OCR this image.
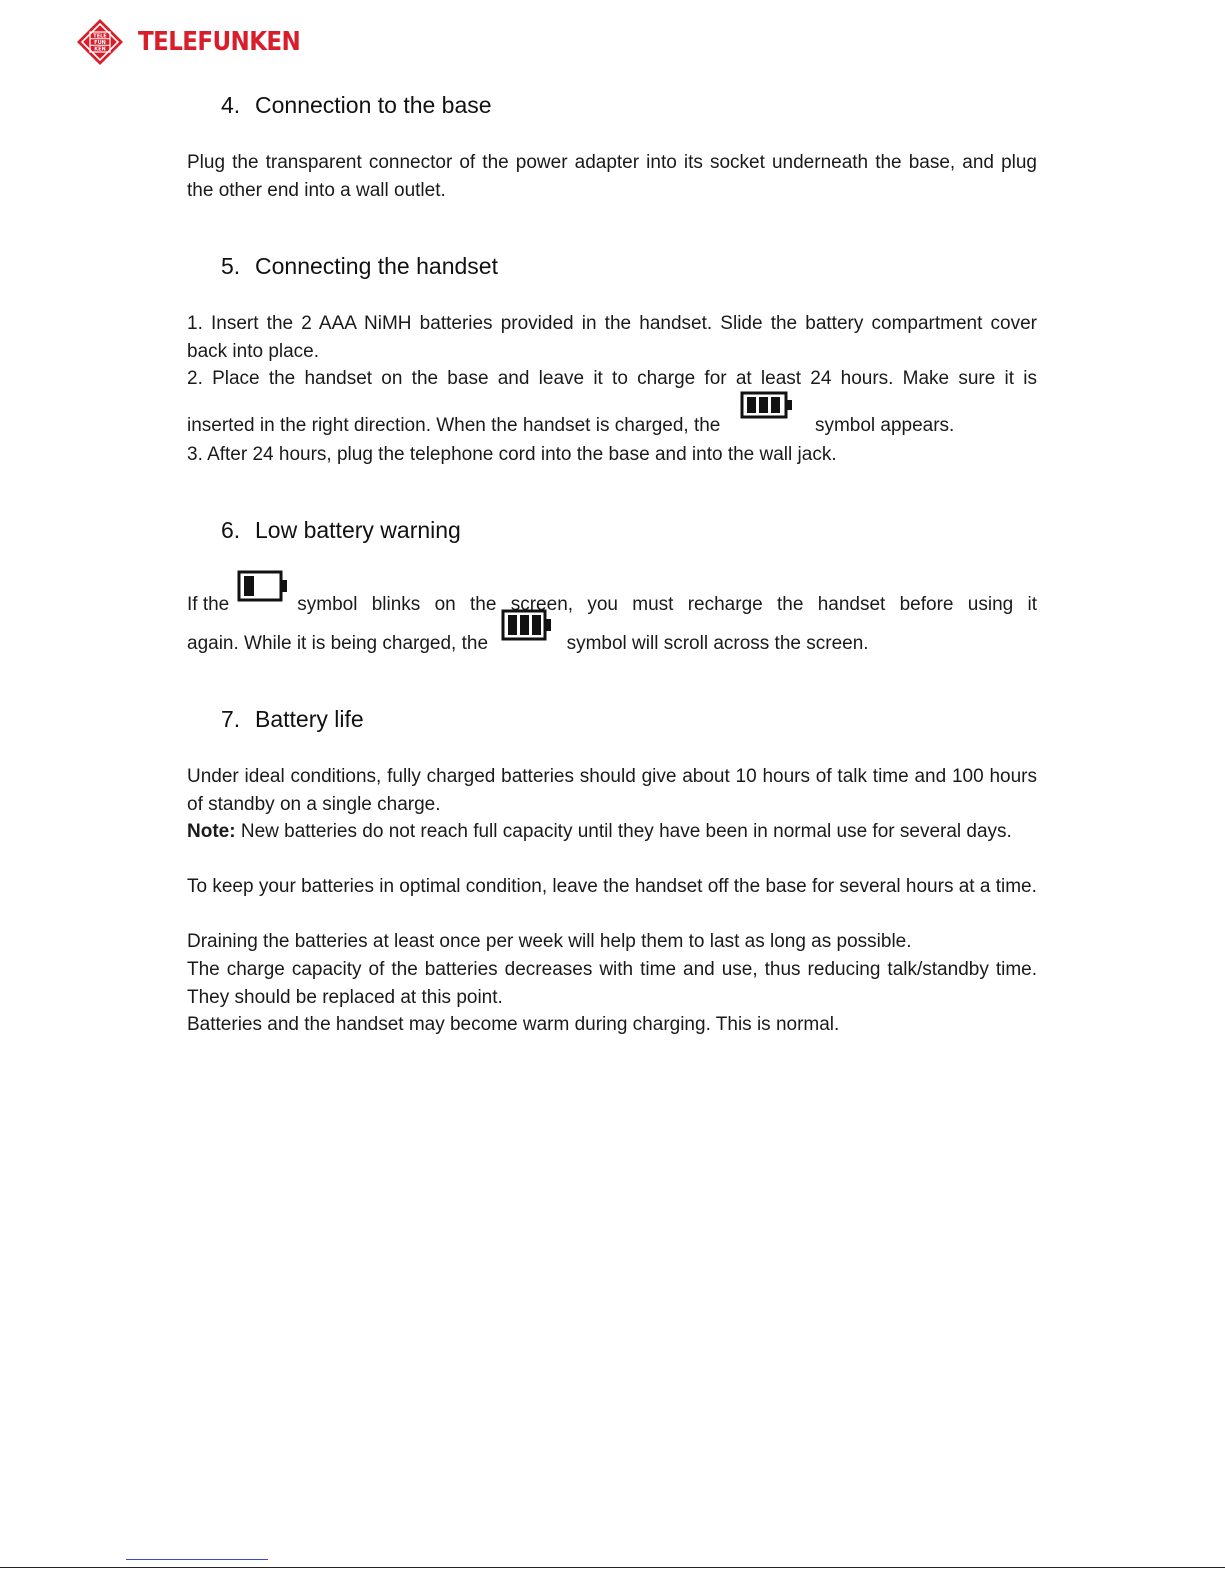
TELE
FUN
KEN TELEFUNKEN
4. Connection to the base

Plug the transparent connector of the power adapter into its socket underneath the base, and plug the other end into a wall outlet.

5. Connecting the handset

1. Insert the 2 AAA NiMH batteries provided in the handset. Slide the battery compartment cover back into place.

2. Place the handset on the base and leave it to charge for at least 24 hours. Make sure it is

inserted in the right direction. When the handset is charged, the	symbol appears.
3. After 24 hours, plug the telephone cord into the base and into the wall jack.
6. Low battery warning
If the	symbol blinks on the screen, you must recharge the handset before using it
again. While it is being charged, the	symbol will scroll across the screen.
7. Battery life

Under ideal conditions, fully charged batteries should give about 10 hours of talk time and 100 hours of standby on a single charge.

Note: New batteries do not reach full capacity until they have been in normal use for several days.

To keep your batteries in optimal condition, leave the handset off the base for several hours at a time.

Draining the batteries at least once per week will help them to last as long as possible.

The charge capacity of the batteries decreases with time and use, thus reducing talk/standby time. They should be replaced at this point.

Batteries and the handset may become warm during charging. This is normal.
